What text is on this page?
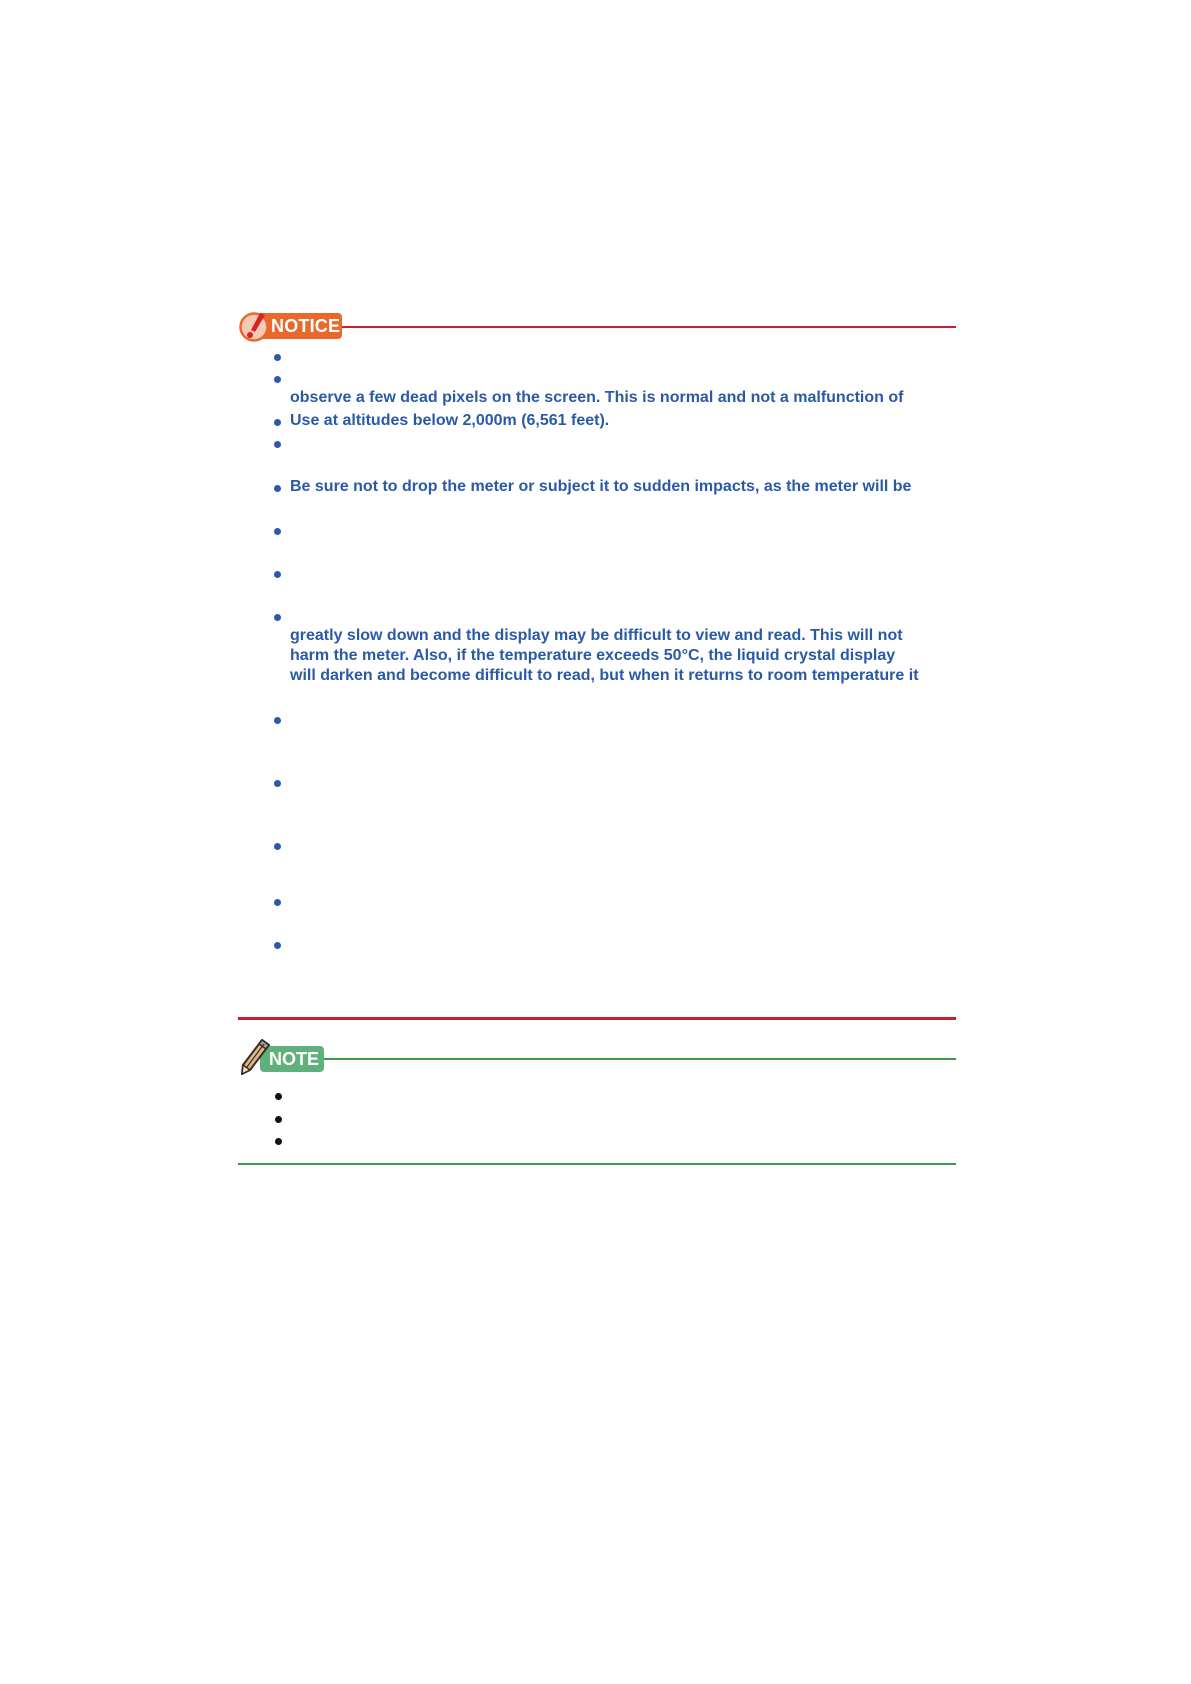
NOTICE
observe a few dead pixels on the screen. This is normal and not a malfunction of
Use at altitudes below 2,000m (6,561 feet).
Be sure not to drop the meter or subject it to sudden impacts, as the meter will be
greatly slow down and the display may be difficult to view and read. This will not
harm the meter. Also, if the temperature exceeds 50°C, the liquid crystal display
will darken and become difficult to read, but when it returns to room temperature it
NOTE
